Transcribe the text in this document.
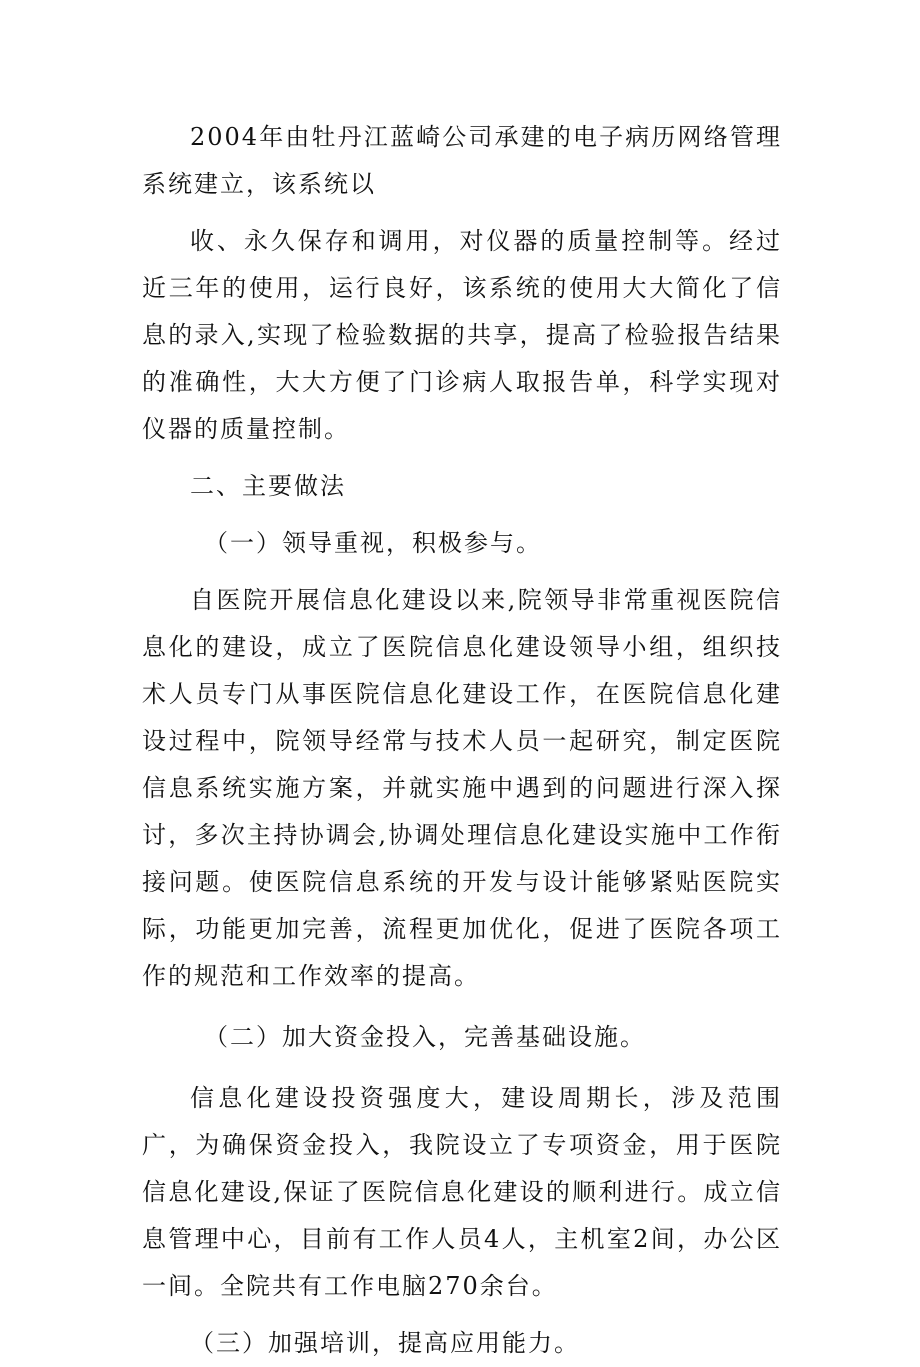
2004年由牡丹江蓝崎公司承建的电子病历网络管理系统建立，该系统以

收、永久保存和调用，对仪器的质量控制等。经过近三年的使用，运行良好，该系统的使用大大简化了信息的录入,实现了检验数据的共享，提高了检验报告结果的准确性，大大方便了门诊病人取报告单，科学实现对仪器的质量控制。

二、主要做法

（一）领导重视，积极参与。

自医院开展信息化建设以来,院领导非常重视医院信息化的建设，成立了医院信息化建设领导小组，组织技术人员专门从事医院信息化建设工作，在医院信息化建设过程中，院领导经常与技术人员一起研究，制定医院信息系统实施方案，并就实施中遇到的问题进行深入探讨，多次主持协调会,协调处理信息化建设实施中工作衔接问题。使医院信息系统的开发与设计能够紧贴医院实际，功能更加完善，流程更加优化，促进了医院各项工作的规范和工作效率的提高。

（二）加大资金投入，完善基础设施。

信息化建设投资强度大，建设周期长，涉及范围广，为确保资金投入，我院设立了专项资金，用于医院信息化建设,保证了医院信息化建设的顺利进行。成立信息管理中心，目前有工作人员4人，主机室2间，办公区一间。全院共有工作电脑270余台。

（三）加强培训，提高应用能力。
